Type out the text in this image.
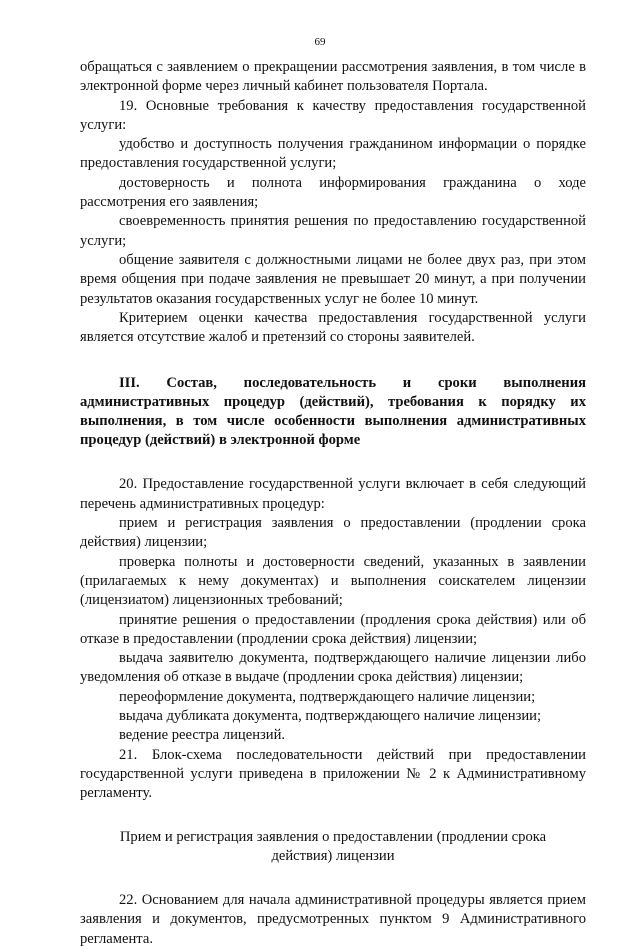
69

обращаться с заявлением о прекращении рассмотрения заявления, в том числе в электронной форме через личный кабинет пользователя Портала.

19. Основные требования к качеству предоставления государственной услуги:

удобство и доступность получения гражданином информации о порядке предоставления государственной услуги;

достоверность и полнота информирования гражданина о ходе рассмотрения его заявления;

своевременность принятия решения по предоставлению государственной услуги;

общение заявителя с должностными лицами не более двух раз, при этом время общения при подаче заявления не превышает 20 минут, а при получении результатов оказания государственных услуг не более 10 минут.

Критерием оценки качества предоставления государственной услуги является отсутствие жалоб и претензий со стороны заявителей.

III. Состав, последовательность и сроки выполнения административных процедур (действий), требования к порядку их выполнения, в том числе особенности выполнения административных процедур (действий) в электронной форме

20. Предоставление государственной услуги включает в себя следующий перечень административных процедур:

прием и регистрация заявления о предоставлении (продлении срока действия) лицензии;

проверка полноты и достоверности сведений, указанных в заявлении (прилагаемых к нему документах) и выполнения соискателем лицензии (лицензиатом) лицензионных требований;

принятие решения о предоставлении (продления срока действия) или об отказе в предоставлении (продлении срока действия) лицензии;

выдача заявителю документа, подтверждающего наличие лицензии либо уведомления об отказе в выдаче (продлении срока действия) лицензии;

переоформление документа, подтверждающего наличие лицензии;

выдача дубликата документа, подтверждающего наличие лицензии;

ведение реестра лицензий.

21. Блок-схема последовательности действий при предоставлении государственной услуги приведена в приложении № 2 к Административному регламенту.

Прием и регистрация заявления о предоставлении (продлении срока действия) лицензии

22. Основанием для начала административной процедуры является прием заявления и документов, предусмотренных пунктом 9 Административного регламента.
